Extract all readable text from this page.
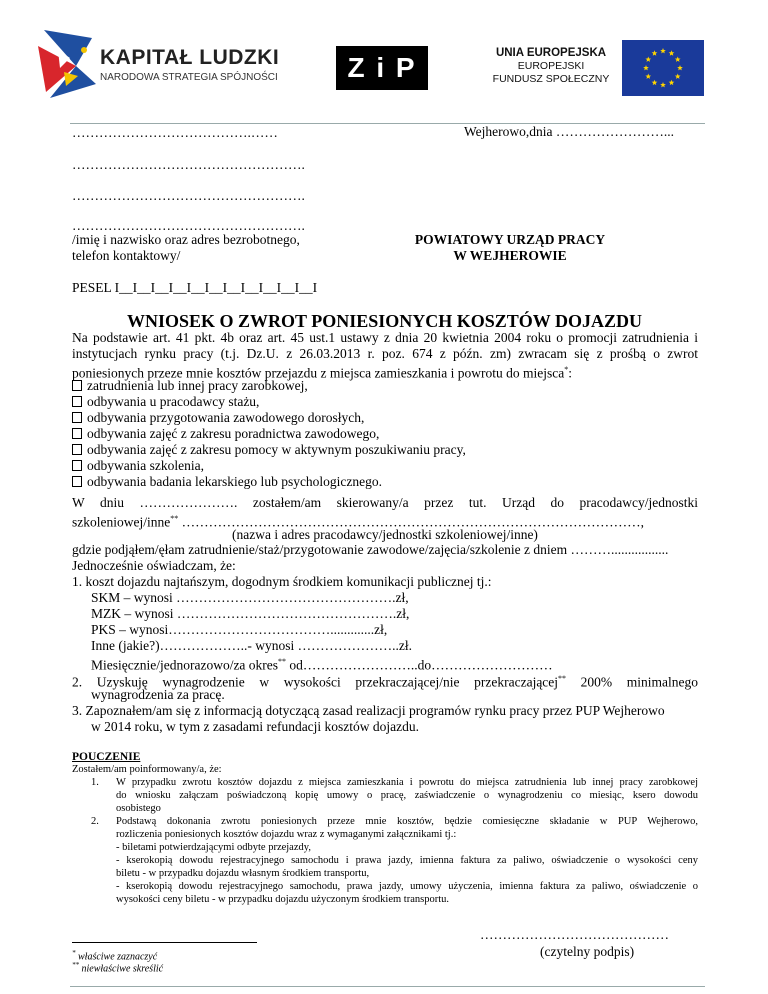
KAPITAŁ LUDZKI
NARODOWA STRATEGIA SPÓJNOŚCI	Z i P	UNIA EUROPEJSKA
EUROPEJSKI
FUNDUSZ SPOŁECZNY
………………………………….……	Wejherowo,dnia ……………………...
…………………………………………….
…………………………………………….
…………………………………………….
/imię i nazwisko oraz adres bezrobotnego,
telefon kontaktowy/
POWIATOWY URZĄD PRACY
W WEJHEROWIE
PESEL I__I__I__I__I__I__I__I__I__I__I__I
WNIOSEK O ZWROT PONIESIONYCH KOSZTÓW DOJAZDU
Na podstawie art. 41 pkt. 4b oraz art. 45 ust.1 ustawy z dnia 20 kwietnia 2004 roku o promocji zatrudnienia i
instytucjach rynku pracy (t.j. Dz.U. z 26.03.2013 r. poz. 674 z późn. zm) zwracam się z prośbą o zwrot
poniesionych przeze mnie kosztów przejazdu z miejsca zamieszkania i powrotu do miejsca*:
zatrudnienia lub innej pracy zarobkowej,
odbywania u pracodawcy stażu,
odbywania przygotowania zawodowego dorosłych,
odbywania zajęć z zakresu poradnictwa zawodowego,
odbywania zajęć z zakresu pomocy w aktywnym poszukiwaniu pracy,
odbywania szkolenia,
odbywania badania lekarskiego lub psychologicznego.
W dniu …………………. zostałem/am skierowany/a przez tut. Urząd do pracodawcy/jednostki
szkoleniowej/inne** …………………………………………………………………………………………,
(nazwa i adres pracodawcy/jednostki szkoleniowej/inne)
gdzie podjąłem/ęłam zatrudnienie/staż/przygotowanie zawodowe/zajęcia/szkolenie z dniem ……….................
Jednocześnie oświadczam, że:
1. koszt dojazdu najtańszym, dogodnym środkiem komunikacji publicznej tj.:
SKM – wynosi ………………………………………….zł,
MZK – wynosi ………………………………………….zł,
PKS – wynosi……………………………….............zł,
Inne (jakie?)………………..- wynosi …………………..zł.
Miesięcznie/jednorazowo/za okres** od……………………..do………………………
2. Uzyskuję wynagrodzenie w wysokości przekraczającej/nie przekraczającej** 200% minimalnego
wynagrodzenia za pracę.
3. Zapoznałem/am się z informacją dotyczącą zasad realizacji programów rynku pracy przez PUP Wejherowo
w 2014 roku, w tym z zasadami refundacji kosztów dojazdu.
POUCZENIE
Zostałem/am poinformowany/a, że:
1. W przypadku zwrotu kosztów dojazdu z miejsca zamieszkania i powrotu do miejsca zatrudnienia lub innej pracy zarobkowej
do wniosku załączam poświadczoną kopię umowy o pracę, zaświadczenie o wynagrodzeniu co miesiąc, ksero dowodu
osobistego
2. Podstawą dokonania zwrotu poniesionych przeze mnie kosztów, będzie comiesięczne składanie w PUP Wejherowo,
rozliczenia poniesionych kosztów dojazdu wraz z wymaganymi załącznikami tj.:
- biletami potwierdzającymi odbyte przejazdy,
- kserokopią dowodu rejestracyjnego samochodu i prawa jazdy, imienna faktura za paliwo, oświadczenie o wysokości ceny
biletu - w przypadku dojazdu własnym środkiem transportu,
- kserokopią dowodu rejestracyjnego samochodu, prawa jazdy, umowy użyczenia, imienna faktura za paliwo, oświadczenie o
wysokości ceny biletu - w przypadku dojazdu użyczonym środkiem transportu.
……………………………………
(czytelny podpis)
* właściwe zaznaczyć
** niewłaściwe skreślić
